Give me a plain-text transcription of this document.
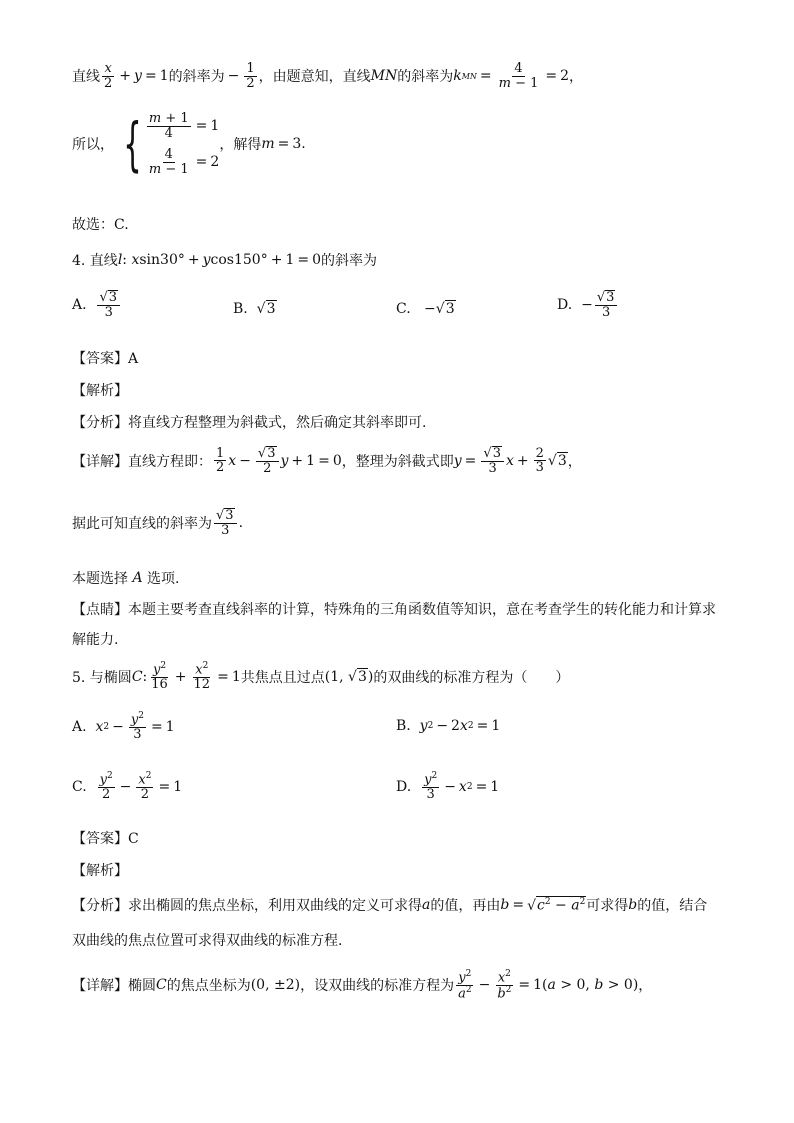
直线 $\frac{x}{2} + y = 1$ 的斜率为 − $\frac{1}{2}$ ，由题意知，直线 MN 的斜率为 k MN = $\frac{4}{m - 1} = 2$ ，
所以， { $\frac{m + 1}{4} = 1$
$\frac{4}{m - 1} = 2$
，解得 m = 3.
故选：C.
4. 直线 l : x sin30° + y cos150° + 1 = 0 的斜率为
A.
$\frac{√ 3}{3}$	B.
√ 3	C. − √ 3	D. − $\frac{√ 3}{3}$
【答案】A
【解析】
【分析】将直线方程整理为斜截式，然后确定其斜率即可.
【详解】直线方程即： $\frac{1}{2}$ $x - \frac{√ 3}{2}$ y + 1 = 0 ，整理为斜截式即 $y = \frac{√ 3}{3}$ $x + \frac{2}{3}$ √ 3 ，
据此可知直线的斜率为 $\frac{√ 3}{3}$ .
本题选择 A 选项.
【点睛】本题主要考查直线斜率的计算，特殊角的三角函数值等知识，意在考查学生的转化能力和计算求
解能力.
5. 与椭圆 C : $\frac{y^2}{16} + \frac{x^2}{12} = 1$ 共焦点且过点 (1, √ 3 ) 的双曲线的标准方程为（　　）
A.
x $2 - \frac{y^2}{3} = 1$	B.
y 2 − 2 x 2 = 1
C.
$\frac{y^2}{2} - \frac{x^2}{2} = 1$	D.
$\frac{y^2}{3} - x$ 2 = 1
【答案】C
【解析】
【分析】求出椭圆的焦点坐标，利用双曲线的定义可求得 a 的值，再由 b = √ $c^2 - a^2$ 可求得 b 的值，结合
双曲线的焦点位置可求得双曲线的标准方程.
【详解】椭圆 C 的焦点坐标为 (0, ±2) ，设双曲线的标准方程为 $\frac{y^2}{a^2} - \frac{x^2}{b^2} = 1$ (a > 0, b > 0) ，
